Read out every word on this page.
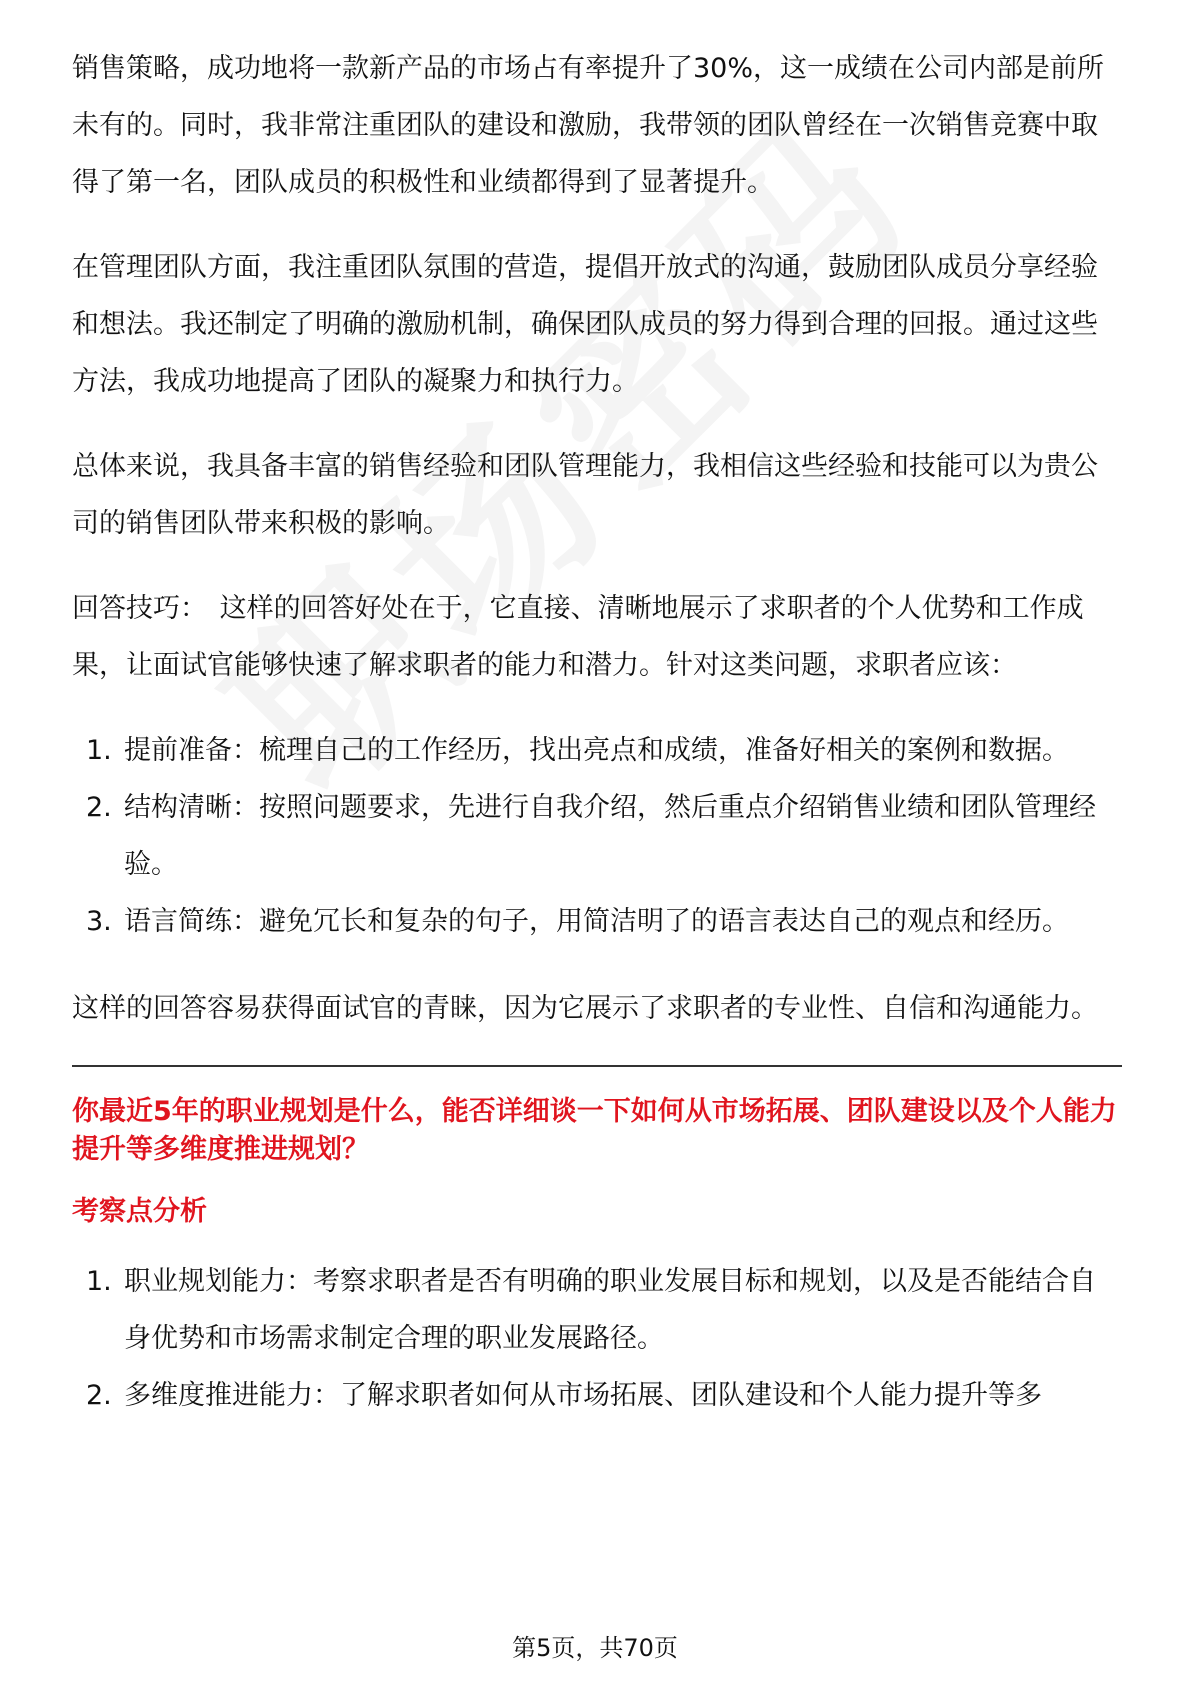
销售策略，成功地将一款新产品的市场占有率提升了30%，这一成绩在公司内部是前所未有的。同时，我非常注重团队的建设和激励，我带领的团队曾经在一次销售竞赛中取得了第一名，团队成员的积极性和业绩都得到了显著提升。

在管理团队方面，我注重团队氛围的营造，提倡开放式的沟通，鼓励团队成员分享经验和想法。我还制定了明确的激励机制，确保团队成员的努力得到合理的回报。通过这些方法，我成功地提高了团队的凝聚力和执行力。

总体来说，我具备丰富的销售经验和团队管理能力，我相信这些经验和技能可以为贵公司的销售团队带来积极的影响。

回答技巧： 这样的回答好处在于，它直接、清晰地展示了求职者的个人优势和工作成果，让面试官能够快速了解求职者的能力和潜力。针对这类问题，求职者应该：

1. 提前准备：梳理自己的工作经历，找出亮点和成绩，准备好相关的案例和数据。
2. 结构清晰：按照问题要求，先进行自我介绍，然后重点介绍销售业绩和团队管理经验。
3. 语言简练：避免冗长和复杂的句子，用简洁明了的语言表达自己的观点和经历。

这样的回答容易获得面试官的青睐，因为它展示了求职者的专业性、自信和沟通能力。

你最近5年的职业规划是什么，能否详细谈一下如何从市场拓展、团队建设以及个人能力提升等多维度推进规划？
考察点分析
1. 职业规划能力：考察求职者是否有明确的职业发展目标和规划，以及是否能结合自身优势和市场需求制定合理的职业发展路径。
2. 多维度推进能力：了解求职者如何从市场拓展、团队建设和个人能力提升等多
第5页，共70页
